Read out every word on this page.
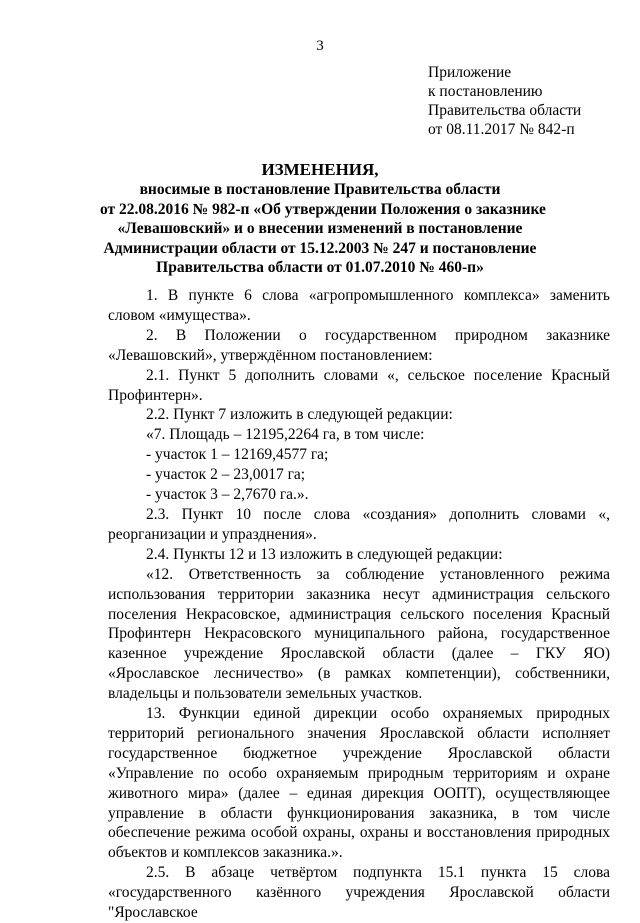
3
Приложение
к постановлению
Правительства области
от 08.11.2017 № 842-п
ИЗМЕНЕНИЯ,
вносимые в постановление Правительства области
от 22.08.2016 № 982-п «Об утверждении Положения о заказнике
«Левашовский» и о внесении изменений в постановление
Администрации области от 15.12.2003 № 247 и постановление
Правительства области от 01.07.2010 № 460-п»

1. В пункте 6 слова «агропромышленного комплекса» заменить словом «имущества».

2. В Положении о государственном природном заказнике «Левашовский», утверждённом постановлением:

2.1. Пункт 5 дополнить словами «, сельское поселение Красный Профинтерн».

2.2. Пункт 7 изложить в следующей редакции:

«7. Площадь – 12195,2264 га, в том числе:

- участок 1 – 12169,4577 га;

- участок 2 – 23,0017 га;

- участок 3 – 2,7670 га.».

2.3. Пункт 10 после слова «создания» дополнить словами «, реорганизации и упразднения».

2.4. Пункты 12 и 13 изложить в следующей редакции:

«12. Ответственность за соблюдение установленного режима использования территории заказника несут администрация сельского поселения Некрасовское, администрация сельского поселения Красный Профинтерн Некрасовского муниципального района, государственное казенное учреждение Ярославской области (далее – ГКУ ЯО) «Ярославское лесничество» (в рамках компетенции), собственники, владельцы и пользователи земельных участков.

13. Функции единой дирекции особо охраняемых природных территорий регионального значения Ярославской области исполняет государственное бюджетное учреждение Ярославской области «Управление по особо охраняемым природным территориям и охране животного мира» (далее – единая дирекция ООПТ), осуществляющее управление в области функционирования заказника, в том числе обеспечение режима особой охраны, охраны и восстановления природных объектов и комплексов заказника.».

2.5. В абзаце четвёртом подпункта 15.1 пункта 15 слова «государственного казённого учреждения Ярославской области "Ярославское
